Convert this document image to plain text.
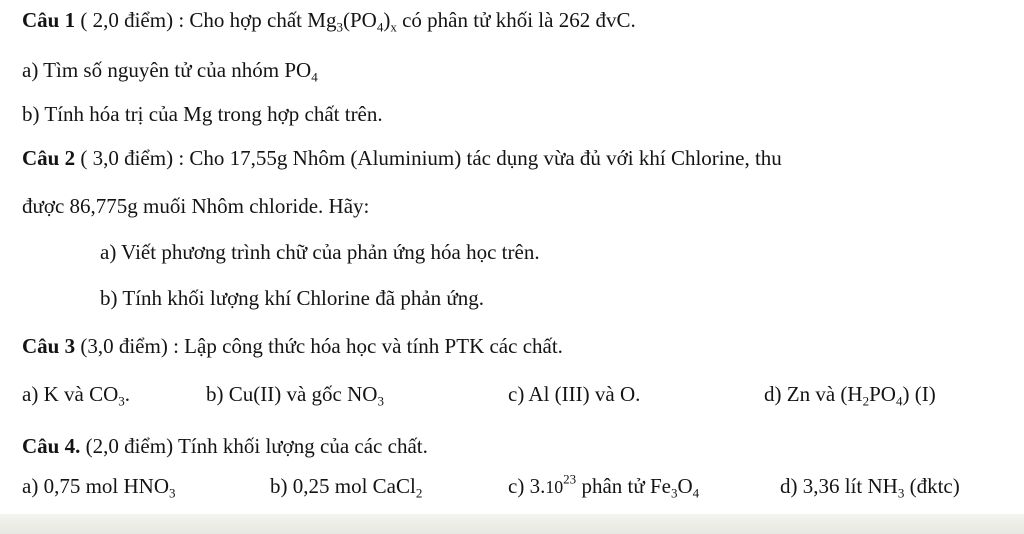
Câu 1 ( 2,0 điểm) : Cho hợp chất $Mg_3(PO_4)_x$ có phân tử khối là 262 đvC.
a) Tìm số nguyên tử của nhóm $PO_4$
b) Tính hóa trị của Mg trong hợp chất trên.
Câu 2 ( 3,0 điểm) : Cho 17,55g Nhôm (Aluminium) tác dụng vừa đủ với khí Chlorine, thu
được 86,775g muối Nhôm chloride. Hãy:
a) Viết phương trình chữ của phản ứng hóa học trên.
b) Tính khối lượng khí Chlorine đã phản ứng.
Câu 3 (3,0 điểm) : Lập công thức hóa học và tính PTK các chất.
a) K và $CO_3$.	b) Cu(II) và gốc $NO_3$	c) Al (III) và O.	d) Zn và $(H_2PO_4)$ (I)
Câu 4. (2,0 điểm) Tính khối lượng của các chất.
a) 0,75 mol $HNO_3$	b) 0,25 mol CaCl$_2$	c) 3.10$^{23}$ phân tử $Fe_3O_4$	d) 3,36 lít $NH_3$ (đktc)
